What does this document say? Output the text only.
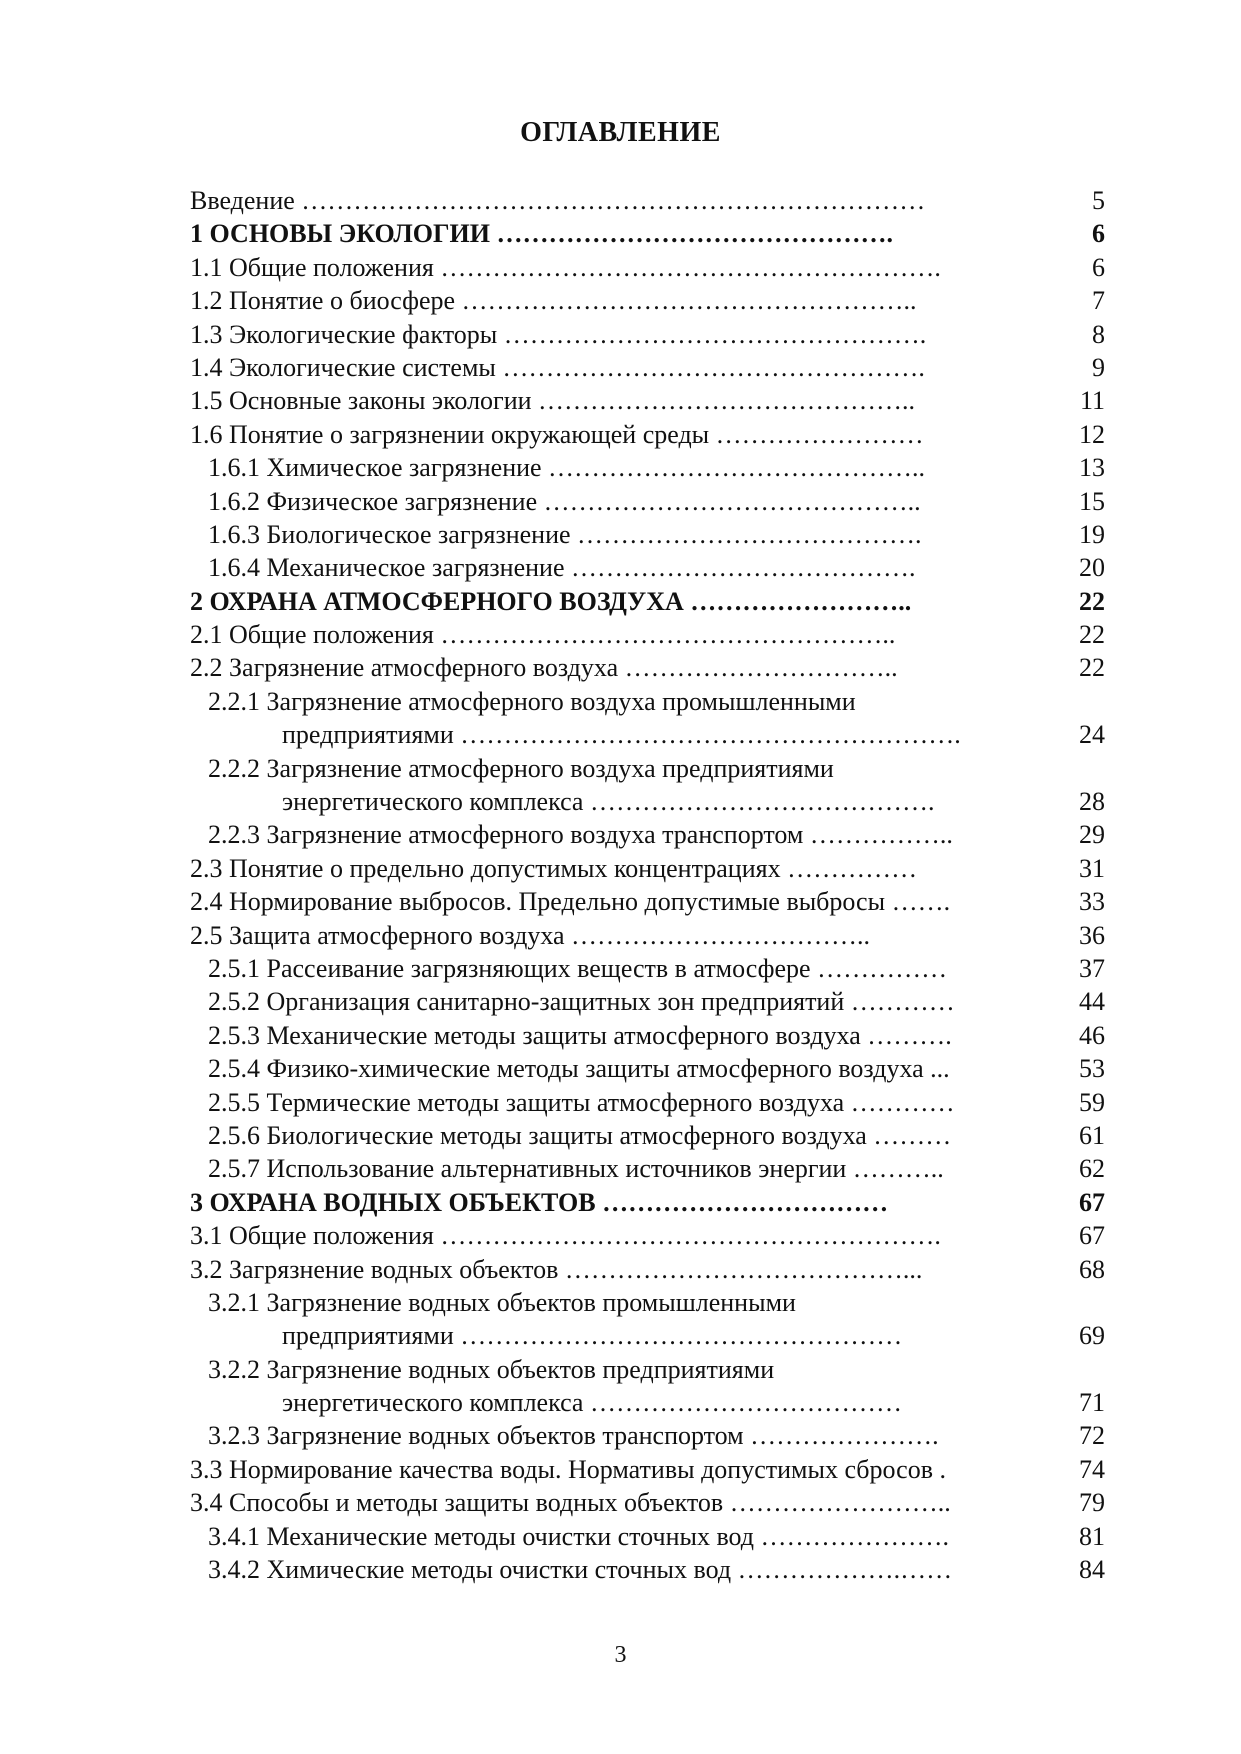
ОГЛАВЛЕНИЕ
Введение ………………………………………………………………	5
1 ОСНОВЫ ЭКОЛОГИИ ……………………………………….	6
1.1 Общие положения ………………………………………………….	6
1.2 Понятие о биосфере ……………………………………………..	7
1.3 Экологические факторы ………………………………………….	8
1.4 Экологические системы ………………………………………….	9
1.5 Основные законы экологии ……………………………………..	11
1.6 Понятие о загрязнении окружающей среды ……………………	12
1.6.1 Химическое загрязнение ……………………………………..	13
1.6.2 Физическое загрязнение ……………………………………..	15
1.6.3 Биологическое загрязнение ………………………………….	19
1.6.4 Механическое загрязнение ………………………………….	20
2 ОХРАНА АТМОСФЕРНОГО ВОЗДУХА ……………………..	22
2.1 Общие положения ……………………………………………..	22
2.2 Загрязнение атмосферного воздуха …………………………..	22
2.2.1 Загрязнение атмосферного воздуха промышленными
предприятиями ………………………………………………….	24
2.2.2 Загрязнение атмосферного воздуха предприятиями
энергетического комплекса ………………………………….	28
2.2.3 Загрязнение атмосферного воздуха транспортом ……………..	29
2.3 Понятие о предельно допустимых концентрациях ……………	31
2.4 Нормирование выбросов. Предельно допустимые выбросы …….	33
2.5 Защита атмосферного воздуха ……………………………..	36
2.5.1 Рассеивание загрязняющих веществ в атмосфере ……………	37
2.5.2 Организация санитарно-защитных зон предприятий …………	44
2.5.3 Механические методы защиты атмосферного воздуха ……….	46
2.5.4 Физико-химические методы защиты атмосферного воздуха ...	53
2.5.5 Термические методы защиты атмосферного воздуха …………	59
2.5.6 Биологические методы защиты атмосферного воздуха ………	61
2.5.7 Использование альтернативных источников энергии ………..	62
3 ОХРАНА ВОДНЫХ ОБЪЕКТОВ ……………………………	67
3.1 Общие положения ………………………………………………….	67
3.2 Загрязнение водных объектов …………………………………...	68
3.2.1 Загрязнение водных объектов промышленными
предприятиями ……………………………………………	69
3.2.2 Загрязнение водных объектов предприятиями
энергетического комплекса ………………………………	71
3.2.3 Загрязнение водных объектов транспортом ………………….	72
3.3 Нормирование качества воды. Нормативы допустимых сбросов .	74
3.4 Способы и методы защиты водных объектов ……………………..	79
3.4.1 Механические методы очистки сточных вод ………………….	81
3.4.2 Химические методы очистки сточных вод ……………….……	84
3
